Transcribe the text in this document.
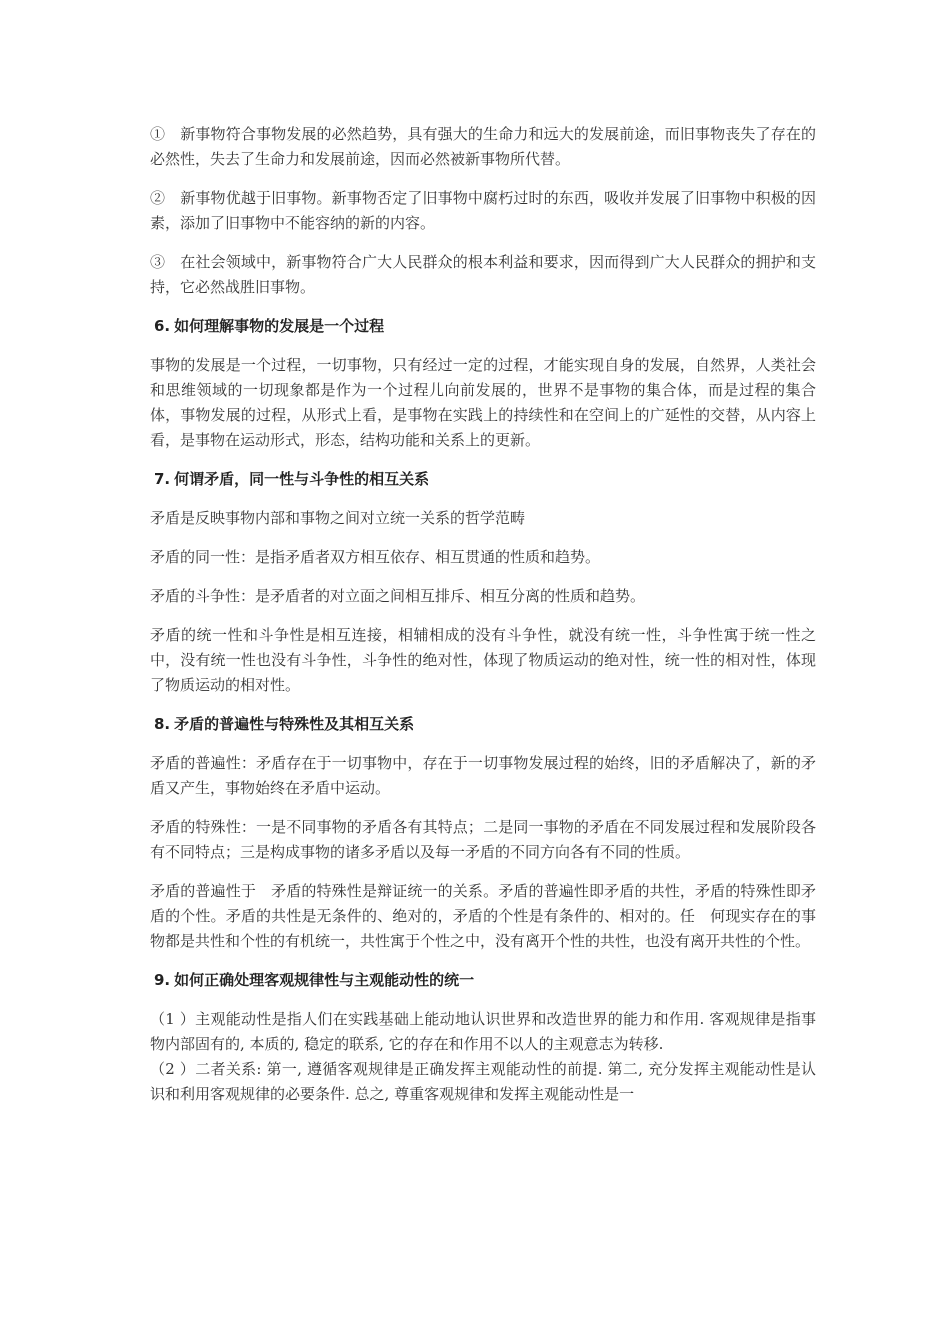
①　新事物符合事物发展的必然趋势，具有强大的生命力和远大的发展前途，而旧事物丧失了存在的必然性，失去了生命力和发展前途，因而必然被新事物所代替。

②　新事物优越于旧事物。新事物否定了旧事物中腐朽过时的东西，吸收并发展了旧事物中积极的因素，添加了旧事物中不能容纳的新的内容。

③　在社会领域中，新事物符合广大人民群众的根本利益和要求，因而得到广大人民群众的拥护和支持，它必然战胜旧事物。

6. 如何理解事物的发展是一个过程

事物的发展是一个过程，一切事物，只有经过一定的过程，才能实现自身的发展，自然界，人类社会和思维领域的一切现象都是作为一个过程儿向前发展的，世界不是事物的集合体，而是过程的集合体，事物发展的过程，从形式上看，是事物在实践上的持续性和在空间上的广延性的交替，从内容上看，是事物在运动形式，形态，结构功能和关系上的更新。

7. 何谓矛盾，同一性与斗争性的相互关系

矛盾是反映事物内部和事物之间对立统一关系的哲学范畴

矛盾的同一性：是指矛盾者双方相互依存、相互贯通的性质和趋势。

矛盾的斗争性：是矛盾者的对立面之间相互排斥、相互分离的性质和趋势。

矛盾的统一性和斗争性是相互连接，相辅相成的没有斗争性，就没有统一性，斗争性寓于统一性之中，没有统一性也没有斗争性，斗争性的绝对性，体现了物质运动的绝对性，统一性的相对性，体现了物质运动的相对性。

8. 矛盾的普遍性与特殊性及其相互关系

矛盾的普遍性：矛盾存在于一切事物中，存在于一切事物发展过程的始终，旧的矛盾解决了，新的矛盾又产生，事物始终在矛盾中运动。

矛盾的特殊性：一是不同事物的矛盾各有其特点；二是同一事物的矛盾在不同发展过程和发展阶段各有不同特点；三是构成事物的诸多矛盾以及每一矛盾的不同方向各有不同的性质。

矛盾的普遍性于　矛盾的特殊性是辩证统一的关系。矛盾的普遍性即矛盾的共性，矛盾的特殊性即矛盾的个性。矛盾的共性是无条件的、绝对的，矛盾的个性是有条件的、相对的。任　何现实存在的事物都是共性和个性的有机统一，共性寓于个性之中，没有离开个性的共性，也没有离开共性的个性。

9. 如何正确处理客观规律性与主观能动性的统一

（1 ）主观能动性是指人们在实践基础上能动地认识世界和改造世界的能力和作用. 客观规律是指事物内部固有的, 本质的, 稳定的联系, 它的存在和作用不以人的主观意志为转移.

（2 ）二者关系: 第一, 遵循客观规律是正确发挥主观能动性的前提. 第二, 充分发挥主观能动性是认识和利用客观规律的必要条件. 总之, 尊重客观规律和发挥主观能动性是一
